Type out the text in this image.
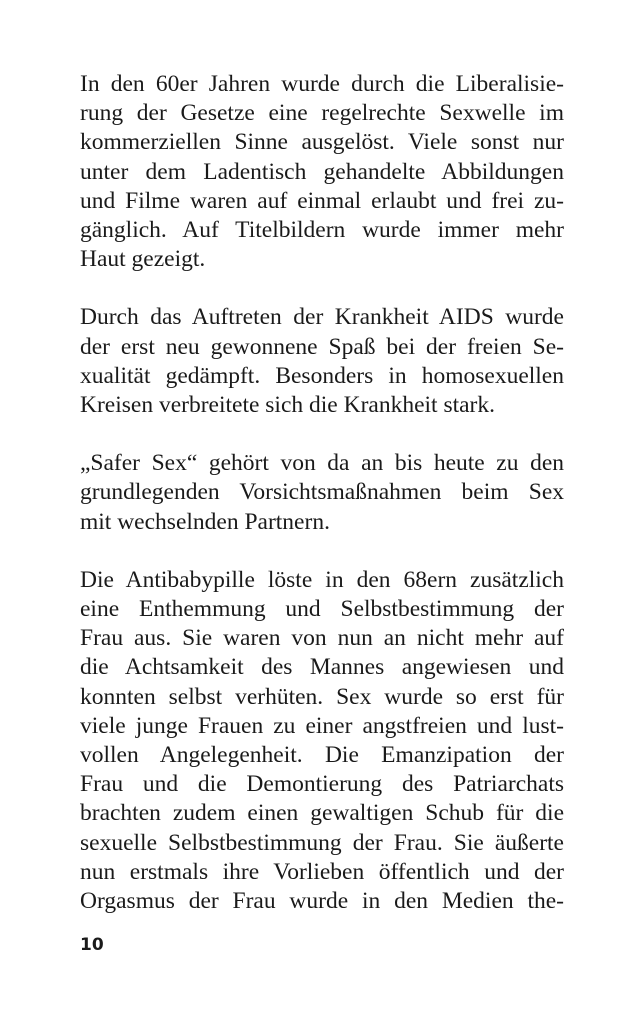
In den 60er Jahren wurde durch die Liberalisie-
rung der Gesetze eine regelrechte Sexwelle im
kommerziellen Sinne ausgelöst. Viele sonst nur
unter dem Ladentisch gehandelte Abbildungen
und Filme waren auf einmal erlaubt und frei zu-
gänglich. Auf Titelbildern wurde immer mehr
Haut gezeigt.

Durch das Auftreten der Krankheit AIDS wurde
der erst neu gewonnene Spaß bei der freien Se-
xualität gedämpft. Besonders in homosexuellen
Kreisen verbreitete sich die Krankheit stark.

„Safer Sex“ gehört von da an bis heute zu den
grundlegenden Vorsichtsmaßnahmen beim Sex
mit wechselnden Partnern.

Die Antibabypille löste in den 68ern zusätzlich
eine Enthemmung und Selbstbestimmung der
Frau aus. Sie waren von nun an nicht mehr auf
die Achtsamkeit des Mannes angewiesen und
konnten selbst verhüten. Sex wurde so erst für
viele junge Frauen zu einer angstfreien und lust-
vollen Angelegenheit. Die Emanzipation der
Frau und die Demontierung des Patriarchats
brachten zudem einen gewaltigen Schub für die
sexuelle Selbstbestimmung der Frau. Sie äußerte
nun erstmals ihre Vorlieben öffentlich und der
Orgasmus der Frau wurde in den Medien the-

10
